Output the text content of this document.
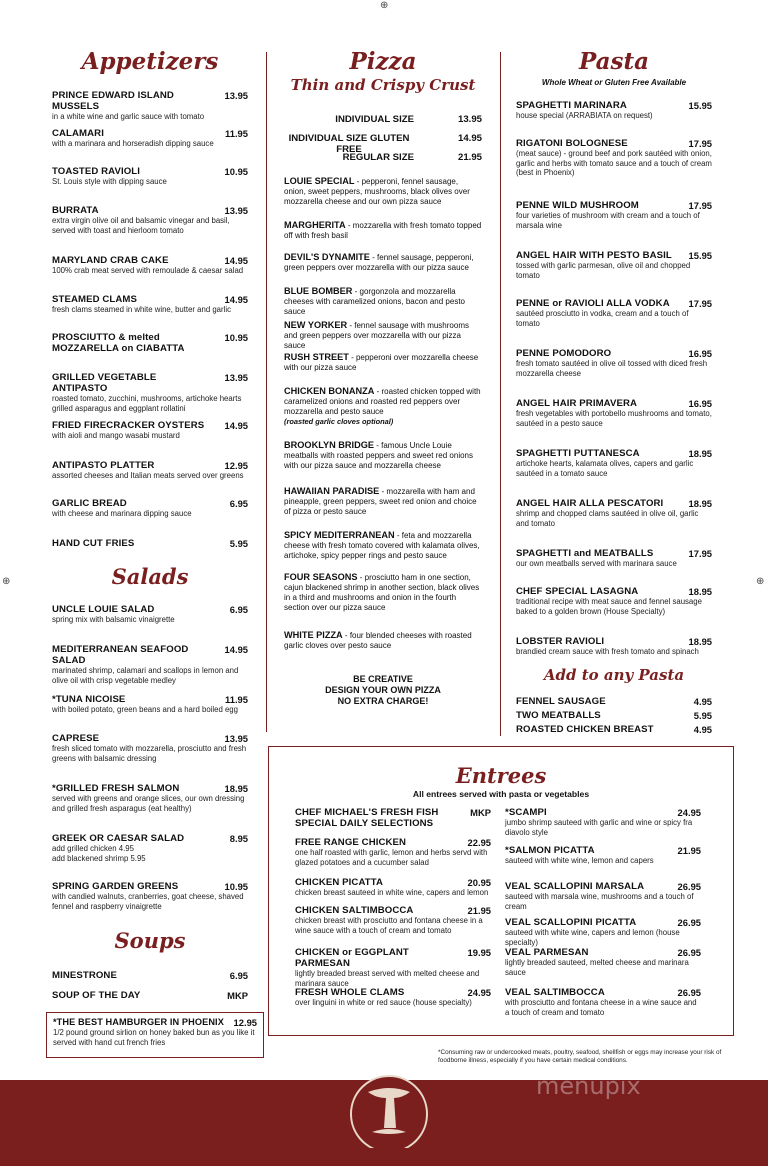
⊕
⊕	⊕
Appetizers
PRINCE EDWARD ISLAND MUSSELS
13.95
in a white wine and garlic sauce with tomato
CALAMARI	11.95
with a marinara and horseradish dipping sauce
TOASTED RAVIOLI	10.95
St. Louis style with dipping sauce
BURRATA	13.95
extra virgin olive oil and balsamic vinegar and basil, served with toast and hierloom tomato
MARYLAND CRAB CAKE	14.95
100% crab meat served with remoulade & caesar salad
STEAMED CLAMS	14.95
fresh clams steamed in white wine, butter and garlic
PROSCIUTTO & melted MOZZARELLA on CIABATTA
10.95
GRILLED VEGETABLE ANTIPASTO
13.95
roasted tomato, zucchini, mushrooms, artichoke hearts grilled asparagus and eggplant rollatini
FRIED FIRECRACKER OYSTERS	14.95
with aioli and mango wasabi mustard
ANTIPASTO PLATTER	12.95
assorted cheeses and Italian meats served over greens
GARLIC BREAD	6.95
with cheese and marinara dipping sauce
HAND CUT FRIES	5.95
Salads
UNCLE LOUIE SALAD	6.95
spring mix with balsamic vinaigrette
MEDITERRANEAN SEAFOOD SALAD
14.95
marinated shrimp, calamari and scallops in lemon and olive oil with crisp vegetable medley
*TUNA NICOISE	11.95
with boiled potato, green beans and a hard boiled egg
CAPRESE	13.95
fresh sliced tomato with mozzarella, prosciutto and fresh greens with balsamic dressing
*GRILLED FRESH SALMON	18.95
served with greens and orange slices, our own dressing and grilled fresh asparagus (eat healthy)
GREEK OR CAESAR SALAD	8.95
add grilled chicken 4.95
add blackened shrimp 5.95
SPRING GARDEN GREENS	10.95
with candied walnuts, cranberries, goat cheese, shaved fennel and raspberry vinaigrette
Soups
MINESTRONE	6.95
SOUP OF THE DAY	MKP
*THE BEST HAMBURGER IN PHOENIX	12.95
1/2 pound ground sirlion on honey baked bun as you like it served with hand cut french fries
Pizza
Thin and Crispy Crust
INDIVIDUAL SIZE	13.95
INDIVIDUAL SIZE GLUTEN FREE
14.95
REGULAR SIZE	21.95
LOUIE SPECIAL - pepperoni, fennel sausage, onion, sweet peppers, mushrooms, black olives over mozzarella cheese and our own pizza sauce
MARGHERITA - mozzarella with fresh tomato topped off with fresh basil
DEVIL'S DYNAMITE - fennel sausage, pepperoni, green peppers over mozzarella with our pizza sauce
BLUE BOMBER - gorgonzola and mozzarella cheeses with caramelized onions, bacon and pesto sauce
NEW YORKER - fennel sausage with mushrooms and green peppers over mozzarella with our pizza sauce
RUSH STREET - pepperoni over mozzarella cheese with our pizza sauce
CHICKEN BONANZA - roasted chicken topped with caramelized onions and roasted red peppers over mozzarella and pesto sauce
(roasted garlic cloves optional)
BROOKLYN BRIDGE - famous Uncle Louie meatballs with roasted peppers and sweet red onions with our pizza sauce and mozzarella cheese
HAWAIIAN PARADISE - mozzarella with ham and pineapple, green peppers, sweet red onion and choice of pizza or pesto sauce
SPICY MEDITERRANEAN - feta and mozzarella cheese with fresh tomato covered with kalamata olives, artichoke, spicy pepper rings and pesto sauce
FOUR SEASONS - prosciutto ham in one section, cajun blackened shrimp in another section, black olives in a third and mushrooms and onion in the fourth section over our pizza sauce
WHITE PIZZA - four blended cheeses with roasted garlic cloves over pesto sauce
BE CREATIVE
DESIGN YOUR OWN PIZZA
NO EXTRA CHARGE!
Pasta
Whole Wheat or Gluten Free Available
SPAGHETTI MARINARA	15.95
house special (ARRABIATA on request)
RIGATONI BOLOGNESE	17.95
(meat sauce) - ground beef and pork sautéed with onion, garlic and herbs with tomato sauce and a touch of cream (best in Phoenix)
PENNE WILD MUSHROOM	17.95
four varieties of mushroom with cream and a touch of marsala wine
ANGEL HAIR WITH PESTO BASIL	15.95
tossed with garlic parmesan, olive oil and chopped tomato
PENNE or RAVIOLI ALLA VODKA	17.95
sautéed prosciutto in vodka, cream and a touch of tomato
PENNE POMODORO	16.95
fresh tomato sautéed in olive oil tossed with diced fresh mozzarella cheese
ANGEL HAIR PRIMAVERA	16.95
fresh vegetables with portobello mushrooms and tomato, sautéed in a pesto sauce
SPAGHETTI PUTTANESCA	18.95
artichoke hearts, kalamata olives, capers and garlic sautéed in a tomato sauce
ANGEL HAIR ALLA PESCATORI	18.95
shrimp and chopped clams sautéed in olive oil, garlic and tomato
SPAGHETTI and MEATBALLS	17.95
our own meatballs served with marinara sauce
CHEF SPECIAL LASAGNA	18.95
traditional recipe with meat sauce and fennel sausage baked to a golden brown (House Specialty)
LOBSTER RAVIOLI	18.95
brandied cream sauce with fresh tomato and spinach
Add to any Pasta
FENNEL SAUSAGE	4.95
TWO MEATBALLS	5.95
ROASTED CHICKEN BREAST	4.95
Entrees
All entrees served with pasta or vegetables
CHEF MICHAEL'S FRESH FISH SPECIAL DAILY SELECTIONS
MKP
FREE RANGE CHICKEN	22.95
one half roasted with garlic, lemon and herbs servd with glazed potatoes and a cucumber salad
CHICKEN PICATTA	20.95
chicken breast sauteed in white wine, capers and lemon
CHICKEN SALTIMBOCCA	21.95
chicken breast with prosciutto and fontana cheese in a wine sauce with a touch of cream and tomato
CHICKEN or EGGPLANT PARMESAN
19.95
lightly breaded breast served with melted cheese and marinara sauce
FRESH WHOLE CLAMS	24.95
over linguini in white or red sauce (house specialty)
*SCAMPI	24.95
jumbo shrimp sauteed with garlic and wine or spicy fra diavolo style
*SALMON PICATTA	21.95
sauteed with white wine, lemon and capers
VEAL SCALLOPINI MARSALA	26.95
sauteed with marsala wine, mushrooms and a touch of cream
VEAL SCALLOPINI PICATTA	26.95
sauteed with white wine, capers and lemon (house specialty)
VEAL PARMESAN	26.95
lightly breaded sauteed, melted cheese and marinara sauce
VEAL SALTIMBOCCA	26.95
with prosciutto and fontana cheese in a wine sauce and a touch of cream and tomato
*Consuming raw or undercooked meats, poultry, seafood, shellfish or eggs may increase your risk of foodborne illness, especially if you have certain medical conditions.
menupix
